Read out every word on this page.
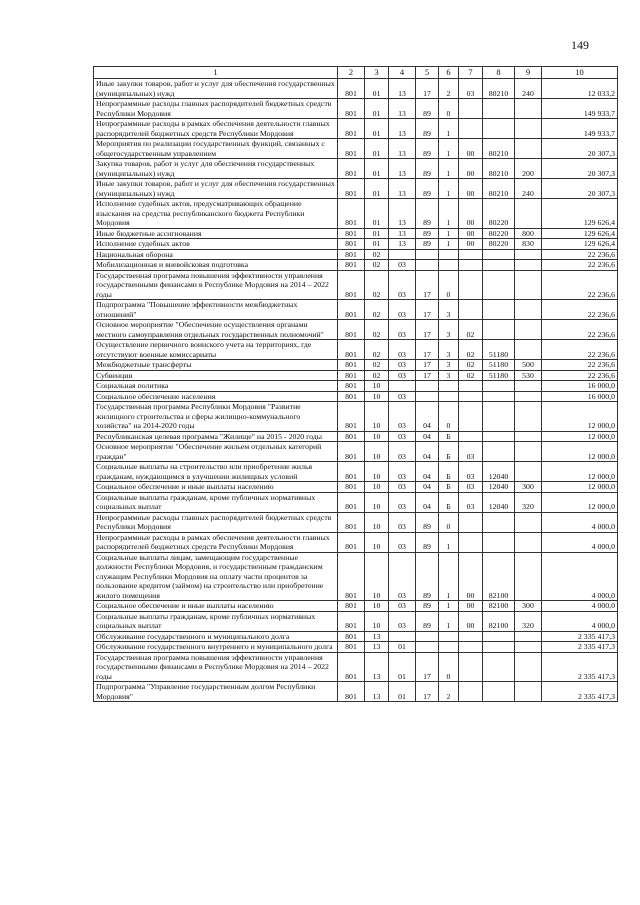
149
1	2	3	4	5	6	7	8	9	10
Иные закупки товаров, работ и услуг для обеспечения государственных (муниципальных) нужд	801	01	13	17	2	03	80210	240	12 033,2
Непрограммные расходы главных распорядителей бюджетных средств Республики Мордовия	801	01	13	89	0				149 933,7
Непрограммные расходы в рамках обеспечения деятельности главных распорядителей бюджетных средств Республики Мордовия	801	01	13	89	1				149 933,7
Мероприятия по реализации государственных функций, связанных с общегосударственным управлением	801	01	13	89	1	00	80210		20 307,3
Закупка товаров, работ и услуг для обеспечения государственных (муниципальных) нужд	801	01	13	89	1	00	80210	200	20 307,3
Иные закупки товаров, работ и услуг для обеспечения государственных (муниципальных) нужд	801	01	13	89	1	00	80210	240	20 307,3
Исполнение судебных актов, предусматривающих обращение взыскания на средства республиканского бюджета Республики Мордовия	801	01	13	89	1	00	80220		129 626,4
Иные бюджетные ассигнования	801	01	13	89	1	00	80220	800	129 626,4
Исполнение судебных актов	801	01	13	89	1	00	80220	830	129 626,4
Национальная оборона	801	02							22 236,6
Мобилизационная и вневойсковая подготовка	801	02	03						22 236,6
Государственная программа повышения эффективности управления государственными финансами в Республике Мордовия на 2014 – 2022 годы	801	02	03	17	0				22 236,6
Подпрограмма "Повышение эффективности межбюджетных отношений"	801	02	03	17	3				22 236,6
Основное мероприятие "Обеспечение осуществления органами местного самоуправления отдельных государственных полномочий"	801	02	03	17	3	02			22 236,6
Осуществление первичного воинского учета на территориях, где отсутствуют военные комиссариаты	801	02	03	17	3	02	51180		22 236,6
Межбюджетные трансферты	801	02	03	17	3	02	51180	500	22 236,6
Субвенции	801	02	03	17	3	02	51180	530	22 236,6
Социальная политика	801	10							16 000,0
Социальное обеспечение населения	801	10	03						16 000,0
Государственная программа Республики Мордовия "Развитие жилищного строительства и сферы жилищно-коммунального хозяйства" на 2014-2020 годы	801	10	03	04	0				12 000,0
Республиканская целевая программа "Жилище" на 2015 - 2020 годы	801	10	03	04	Б				12 000,0
Основное мероприятие "Обеспечение жильем отдельных категорий граждан"	801	10	03	04	Б	03			12 000,0
Социальные выплаты на строительство или приобретение жилья гражданам, нуждающимся в улучшении жилищных условий	801	10	03	04	Б	03	12040		12 000,0
Социальное обеспечение и иные выплаты населению	801	10	03	04	Б	03	12040	300	12 000,0
Социальные выплаты гражданам, кроме публичных нормативных социальных выплат	801	10	03	04	Б	03	12040	320	12 000,0
Непрограммные расходы главных распорядителей бюджетных средств Республики Мордовия	801	10	03	89	0				4 000,0
Непрограммные расходы в рамках обеспечения деятельности главных распорядителей бюджетных средств Республики Мордовия	801	10	03	89	1				4 000,0
Социальные выплаты лицам, замещающим государственные должности Республики Мордовия, и государственным гражданским служащим Республики Мордовия на оплату части процентов за пользование кредитом (займом) на строительство или приобретение жилого помещения	801	10	03	89	1	00	82100		4 000,0
Социальное обеспечение и иные выплаты населению	801	10	03	89	1	00	82100	300	4 000,0
Социальные выплаты гражданам, кроме публичных нормативных социальных выплат	801	10	03	89	1	00	82100	320	4 000,0
Обслуживание государственного и муниципального долга	801	13							2 335 417,3
Обслуживание государственного внутреннего и муниципального долга	801	13	01						2 335 417,3
Государственная программа повышения эффективности управления государственными финансами в Республике Мордовия на 2014 – 2022 годы	801	13	01	17	0				2 335 417,3
Подпрограмма "Управление государственным долгом Республики Мордовия"	801	13	01	17	2				2 335 417,3
